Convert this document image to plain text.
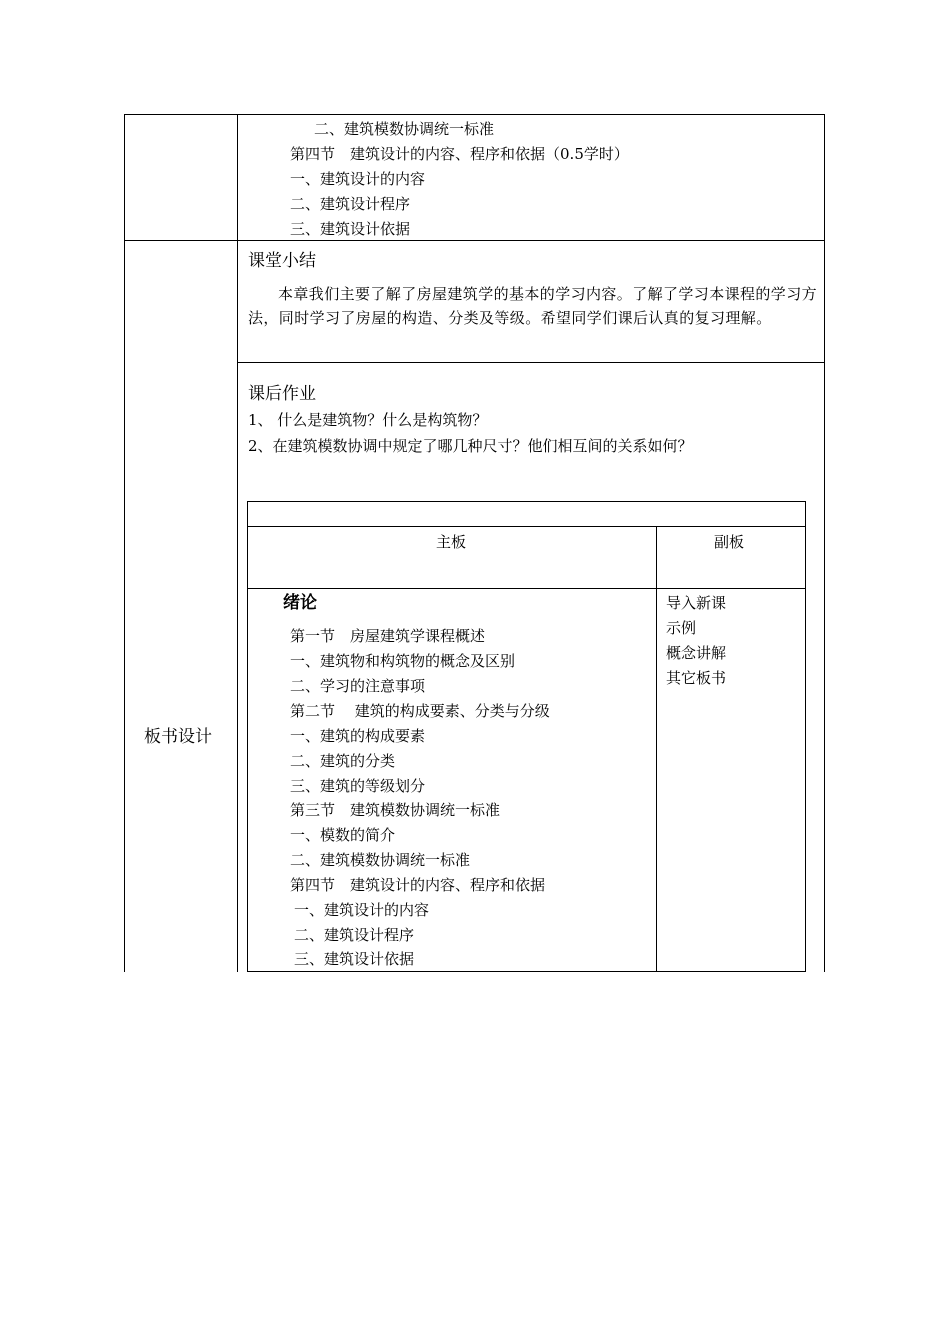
二、建筑模数协调统一标准
第四节　建筑设计的内容、程序和依据（0.5学时）
一、建筑设计的内容
二、建筑设计程序
三、建筑设计依据
课堂小结
本章我们主要了解了房屋建筑学的基本的学习内容。了解了学习本课程的学习方法，同时学习了房屋的构造、分类及等级。希望同学们课后认真的复习理解。
课后作业
1、 什么是建筑物？什么是构筑物？
2、在建筑模数协调中规定了哪几种尺寸？他们相互间的关系如何？
板书设计
主板	副板
绪论
第一节　房屋建筑学课程概述
一、建筑物和构筑物的概念及区别
二、学习的注意事项
第二节　 建筑的构成要素、分类与分级
一、建筑的构成要素
二、建筑的分类
三、建筑的等级划分
第三节　建筑模数协调统一标准
一、模数的简介
二、建筑模数协调统一标准
第四节　建筑设计的内容、程序和依据
一、建筑设计的内容
二、建筑设计程序
三、建筑设计依据
导入新课
示例
概念讲解
其它板书
